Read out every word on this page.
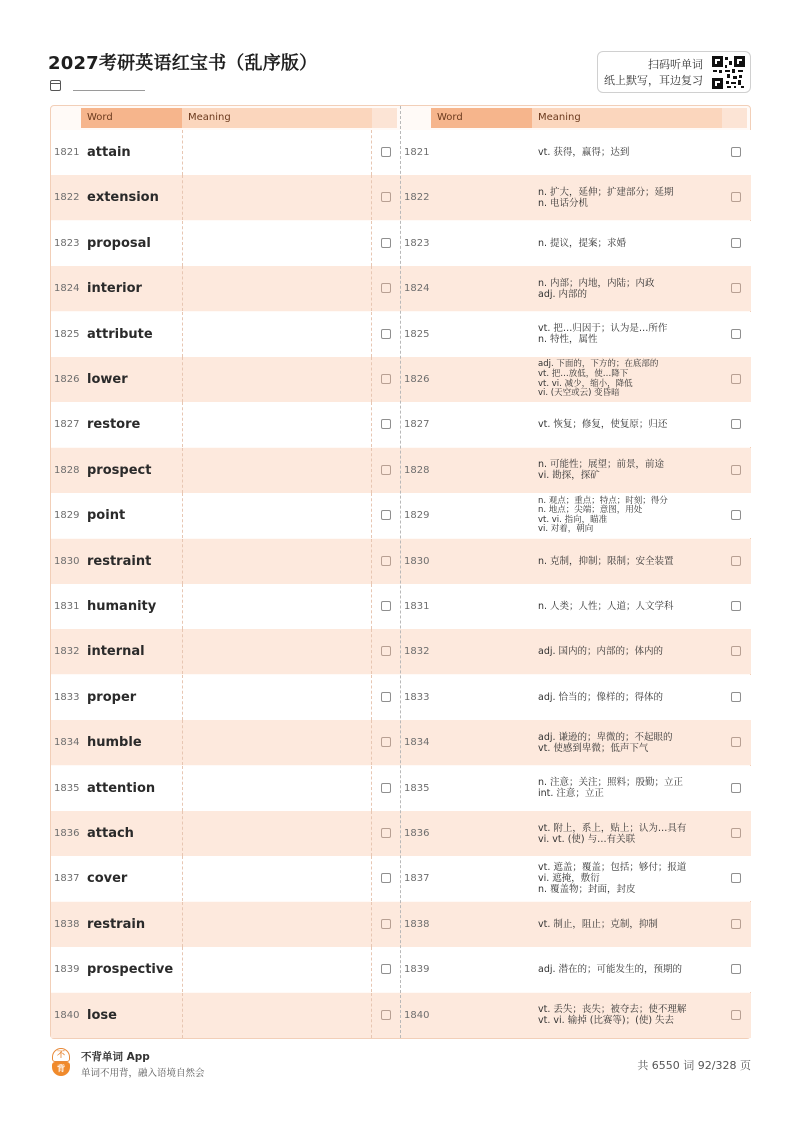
2027考研英语红宝书（乱序版）	扫码听单词
纸上默写，耳边复习
Word	Meaning
1821 attain
1822 extension
1823 proposal
1824 interior
1825 attribute
1826 lower
1827 restore
1828 prospect
1829 point
1830 restraint
1831 humanity
1832 internal
1833 proper
1834 humble
1835 attention
1836 attach
1837 cover
1838 restrain
1839 prospective
1840 lose
Word	Meaning
1821	vt. 获得，赢得；达到
1822	n. 扩大，延伸；扩建部分；延期
n. 电话分机
1823	n. 提议，提案；求婚
1824	n. 内部；内地，内陆；内政
adj. 内部的
1825	vt. 把…归因于；认为是…所作
n. 特性，属性
1826
adj. 下面的，下方的；在底部的
vt. 把…放低，使…降下
vt. vi. 减少，缩小，降低
vi. (天空或云) 变昏暗
1827	vt. 恢复；修复，使复原；归还
1828	n. 可能性；展望；前景，前途
vi. 勘探，探矿
1829
n. 观点；重点；特点；时刻；得分
n. 地点；尖端；意图，用处
vt. vi. 指向，瞄准
vi. 对着，朝向
1830	n. 克制，抑制；限制；安全装置
1831	n. 人类；人性；人道；人文学科
1832	adj. 国内的；内部的；体内的
1833	adj. 恰当的；像样的；得体的
1834	adj. 谦逊的；卑微的；不起眼的
vt. 使感到卑微；低声下气
1835	n. 注意；关注；照料；殷勤；立正
int. 注意；立正
1836	vt. 附上，系上，贴上；认为…具有
vi. vt. (使) 与…有关联
1837
vt. 遮盖；覆盖；包括；够付；报道
vi. 遮掩，敷衍
n. 覆盖物；封面，封皮
1838	vt. 制止，阻止；克制，抑制
1839	adj. 潜在的；可能发生的，预期的
1840	vt. 丢失；丧失；被夺去；使不理解
vt. vi. 输掉 (比赛等)；(使) 失去
不
背
不背单词 App
单词不用背，融入语境自然会
共 6550 词 92/328 页
